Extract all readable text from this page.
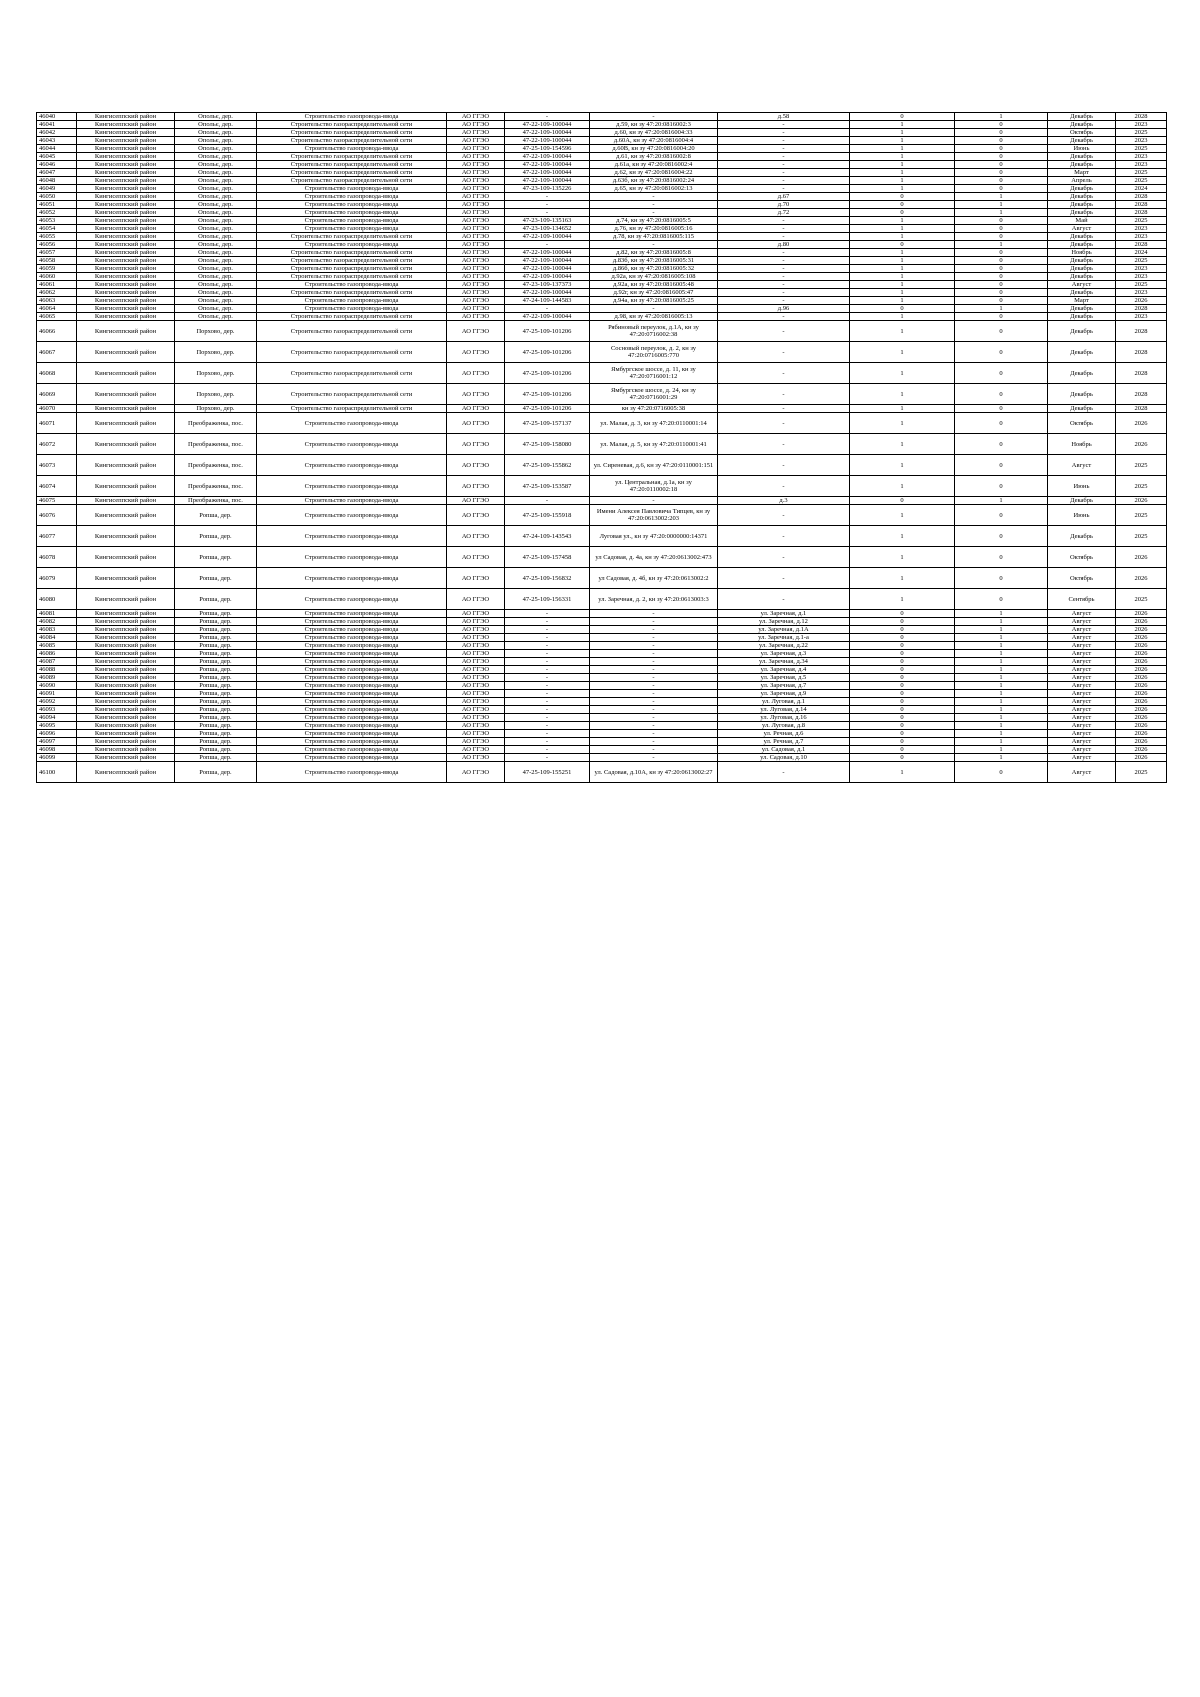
46040	Кингисеппский район	Опольє, дер.	Строительство газопровода-ввода	АО ГГЭО	-	-	д.58	0	1	Декабрь	2028
46041	Кингисеппский район	Опольє, дер.	Строительство газораспределительной сети	АО ГГЭО	47-22-109-100044	д.59, кн зу 47:20:0816002:3	-	1	0	Декабрь	2023
46042	Кингисеппский район	Опольє, дер.	Строительство газораспределительной сети	АО ГГЭО	47-22-109-100044	д.60, кн зу 47:20:0816004:33	-	1	0	Октябрь	2025
46043	Кингисеппский район	Опольє, дер.	Строительство газораспределительной сети	АО ГГЭО	47-22-109-100044	д.60А, кн зу 47:20:0816004:4	-	1	0	Декабрь	2023
46044	Кингисеппский район	Опольє, дер.	Строительство газопровода-ввода	АО ГГЭО	47-25-109-154596	д.60В, кн зу 47:20:0816004:20	-	1	0	Июнь	2025
46045	Кингисеппский район	Опольє, дер.	Строительство газораспределительной сети	АО ГГЭО	47-22-109-100044	д.61, кн зу 47:20:0816002:8	-	1	0	Декабрь	2023
46046	Кингисеппский район	Опольє, дер.	Строительство газораспределительной сети	АО ГГЭО	47-22-109-100044	д.61а, кн зу 47:20:0816002:4	-	1	0	Декабрь	2023
46047	Кингисеппский район	Опольє, дер.	Строительство газораспределительной сети	АО ГГЭО	47-22-109-100044	д.62, кн зу 47:20:0816004:22	-	1	0	Март	2025
46048	Кингисеппский район	Опольє, дер.	Строительство газораспределительной сети	АО ГГЭО	47-22-109-100044	д.63б, кн зу 47:20:0816002:24	-	1	0	Апрель	2025
46049	Кингисеппский район	Опольє, дер.	Строительство газопровода-ввода	АО ГГЭО	47-23-109-135226	д.65, кн зу 47:20:0816002:13	-	1	0	Декабрь	2024
46050	Кингисеппский район	Опольє, дер.	Строительство газопровода-ввода	АО ГГЭО	-	-	д.67	0	1	Декабрь	2028
46051	Кингисеппский район	Опольє, дер.	Строительство газопровода-ввода	АО ГГЭО	-	-	д.70	0	1	Декабрь	2028
46052	Кингисеппский район	Опольє, дер.	Строительство газопровода-ввода	АО ГГЭО	-	-	д.72	0	1	Декабрь	2028
46053	Кингисеппский район	Опольє, дер.	Строительство газопровода-ввода	АО ГГЭО	47-23-109-135163	д.74, кн зу 47:20:0816005:5	-	1	0	Май	2025
46054	Кингисеппский район	Опольє, дер.	Строительство газопровода-ввода	АО ГГЭО	47-23-109-134652	д.76, кн зу 47:20:0816005:16	-	1	0	Август	2023
46055	Кингисеппский район	Опольє, дер.	Строительство газораспределительной сети	АО ГГЭО	47-22-109-100044	д.78, кн зу 47:20:0816005:115	-	1	0	Декабрь	2023
46056	Кингисеппский район	Опольє, дер.	Строительство газопровода-ввода	АО ГГЭО	-	-	д.80	0	1	Декабрь	2028
46057	Кингисеппский район	Опольє, дер.	Строительство газораспределительной сети	АО ГГЭО	47-22-109-100044	д.82, кн зу 47:20:0816005:8	-	1	0	Ноябрь	2024
46058	Кингисеппский район	Опольє, дер.	Строительство газораспределительной сети	АО ГГЭО	47-22-109-100044	д.83б, кн зу 47:20:0816005:31	-	1	0	Декабрь	2025
46059	Кингисеппский район	Опольє, дер.	Строительство газораспределительной сети	АО ГГЭО	47-22-109-100044	д.86б, кн зу 47:20:0816005:32	-	1	0	Декабрь	2023
46060	Кингисеппский район	Опольє, дер.	Строительство газораспределительной сети	АО ГГЭО	47-22-109-100044	д.92а, кн зу 47:20:0816005:108	-	1	0	Декабрь	2023
46061	Кингисеппский район	Опольє, дер.	Строительство газопровода-ввода	АО ГГЭО	47-23-109-137373	д.92а, кн зу 47:20:0816005:48	-	1	0	Август	2025
46062	Кингисеппский район	Опольє, дер.	Строительство газораспределительной сети	АО ГГЭО	47-22-109-100044	д.92г, кн зу 47:20:0816005:47	-	1	0	Декабрь	2023
46063	Кингисеппский район	Опольє, дер.	Строительство газопровода-ввода	АО ГГЭО	47-24-109-144583	д.94а, кн зу 47:20:0816005:25	-	1	0	Март	2026
46064	Кингисеппский район	Опольє, дер.	Строительство газопровода-ввода	АО ГГЭО	-	-	д.96	0	1	Декабрь	2028
46065	Кингисеппский район	Опольє, дер.	Строительство газораспределительной сети	АО ГГЭО	47-22-109-100044	д.98, кн зу 47:20:0816005:13	-	1	0	Декабрь	2023
46066	Кингисеппский район	Порхово, дер.	Строительство газораспределительной сети	АО ГГЭО	47-25-109-101206	Рябиновый переулок, д.1А, кн зу 47:20:0716002:38	-	1	0	Декабрь	2028
46067	Кингисеппский район	Порхово, дер.	Строительство газораспределительной сети	АО ГГЭО	47-25-109-101206	Сосновый переулок, д. 2, кн зу 47:20:0716005:770	-	1	0	Декабрь	2028
46068	Кингисеппский район	Порхово, дер.	Строительство газораспределительной сети	АО ГГЭО	47-25-109-101206	Ямбургское шоссе, д. 11, кн зу 47:20:0716001:12	-	1	0	Декабрь	2028
46069	Кингисеппский район	Порхово, дер.	Строительство газораспределительной сети	АО ГГЭО	47-25-109-101206	Ямбургское шоссе, д. 24, кн зу 47:20:0716001:29	-	1	0	Декабрь	2028
46070	Кингисеппский район	Порхово, дер.	Строительство газораспределительной сети	АО ГГЭО	47-25-109-101206	кн зу 47:20:0716005:38	-	1	0	Декабрь	2028
46071	Кингисеппский район	Преображенка, пос.	Строительство газопровода-ввода	АО ГГЭО	47-25-109-157137	ул. Малая, д. 3, кн зу 47:20:0110001:14	-	1	0	Октябрь	2026
46072	Кингисеппский район	Преображенка, пос.	Строительство газопровода-ввода	АО ГГЭО	47-25-109-158080	ул. Малая, д. 5, кн зу 47:20:0110001:41	-	1	0	Ноябрь	2026
46073	Кингисеппский район	Преображенка, пос.	Строительство газопровода-ввода	АО ГГЭО	47-25-109-155862	ул. Сиреневая, д.6, кн зу 47:20:0110001:151	-	1	0	Август	2025
46074	Кингисеппский район	Преображенка, пос.	Строительство газопровода-ввода	АО ГГЭО	47-25-109-153587	ул. Центральная, д.1а, кн зу 47:20:0110002:18	-	1	0	Июнь	2025
46075	Кингисеппский район	Преображенка, пос.	Строительство газопровода-ввода	АО ГГЭО	-	-	д.3	0	1	Декабрь	2026
46076	Кингисеппский район	Ропша, дер.	Строительство газопровода-ввода	АО ГГЭО	47-25-109-155918	Имени Алексея Павловича Типцев, кн зу 47:20:0613002:203	-	1	0	Июнь	2025
46077	Кингисеппский район	Ропша, дер.	Строительство газопровода-ввода	АО ГГЭО	47-24-109-143543	Луговая ул., кн зу 47:20:0000000:14371	-	1	0	Декабрь	2025
46078	Кингисеппский район	Ропша, дер.	Строительство газопровода-ввода	АО ГГЭО	47-25-109-157458	ул Садовая, д. 4а, кн зу 47:20:0613002:473	-	1	0	Октябрь	2026
46079	Кингисеппский район	Ропша, дер.	Строительство газопровода-ввода	АО ГГЭО	47-25-109-156832	ул Садовая, д. 4б, кн зу 47:20:0613002:2	-	1	0	Октябрь	2026
46080	Кингисеппский район	Ропша, дер.	Строительство газопровода-ввода	АО ГГЭО	47-25-109-156331	ул. Заречная, д. 2, кн зу 47:20:0613003:3	-	1	0	Сентябрь	2025
46081	Кингисеппский район	Ропша, дер.	Строительство газопровода-ввода	АО ГГЭО	-	-	ул. Заречная, д.1	0	1	Август	2026
46082	Кингисеппский район	Ропша, дер.	Строительство газопровода-ввода	АО ГГЭО	-	-	ул. Заречная, д.12	0	1	Август	2026
46083	Кингисеппский район	Ропша, дер.	Строительство газопровода-ввода	АО ГГЭО	-	-	ул. Заречная, д.1А	0	1	Август	2026
46084	Кингисеппский район	Ропша, дер.	Строительство газопровода-ввода	АО ГГЭО	-	-	ул. Заречная, д.1-а	0	1	Август	2026
46085	Кингисеппский район	Ропша, дер.	Строительство газопровода-ввода	АО ГГЭО	-	-	ул. Заречная, д.22	0	1	Август	2026
46086	Кингисеппский район	Ропша, дер.	Строительство газопровода-ввода	АО ГГЭО	-	-	ул. Заречная, д.3	0	1	Август	2026
46087	Кингисеппский район	Ропша, дер.	Строительство газопровода-ввода	АО ГГЭО	-	-	ул. Заречная, д.34	0	1	Август	2026
46088	Кингисеппский район	Ропша, дер.	Строительство газопровода-ввода	АО ГГЭО	-	-	ул. Заречная, д.4	0	1	Август	2026
46089	Кингисеппский район	Ропша, дер.	Строительство газопровода-ввода	АО ГГЭО	-	-	ул. Заречная, д.5	0	1	Август	2026
46090	Кингисеппский район	Ропша, дер.	Строительство газопровода-ввода	АО ГГЭО	-	-	ул. Заречная, д.7	0	1	Август	2026
46091	Кингисеппский район	Ропша, дер.	Строительство газопровода-ввода	АО ГГЭО	-	-	ул. Заречная, д.9	0	1	Август	2026
46092	Кингисеппский район	Ропша, дер.	Строительство газопровода-ввода	АО ГГЭО	-	-	ул. Луговая, д.1	0	1	Август	2026
46093	Кингисеппский район	Ропша, дер.	Строительство газопровода-ввода	АО ГГЭО	-	-	ул. Луговая, д.14	0	1	Август	2026
46094	Кингисеппский район	Ропша, дер.	Строительство газопровода-ввода	АО ГГЭО	-	-	ул. Луговая, д.16	0	1	Август	2026
46095	Кингисеппский район	Ропша, дер.	Строительство газопровода-ввода	АО ГГЭО	-	-	ул. Луговая, д.8	0	1	Август	2026
46096	Кингисеппский район	Ропша, дер.	Строительство газопровода-ввода	АО ГГЭО	-	-	ул. Речная, д.6	0	1	Август	2026
46097	Кингисеппский район	Ропша, дер.	Строительство газопровода-ввода	АО ГГЭО	-	-	ул. Речная, д.7	0	1	Август	2026
46098	Кингисеппский район	Ропша, дер.	Строительство газопровода-ввода	АО ГГЭО	-	-	ул. Садовая, д.1	0	1	Август	2026
46099	Кингисеппский район	Ропша, дер.	Строительство газопровода-ввода	АО ГГЭО	-	-	ул. Садовая, д.10	0	1	Август	2026
46100	Кингисеппский район	Ропша, дер.	Строительство газопровода-ввода	АО ГГЭО	47-25-109-155251	ул. Садовая, д.10А, кн зу 47:20:0613002:27	-	1	0	Август	2025
